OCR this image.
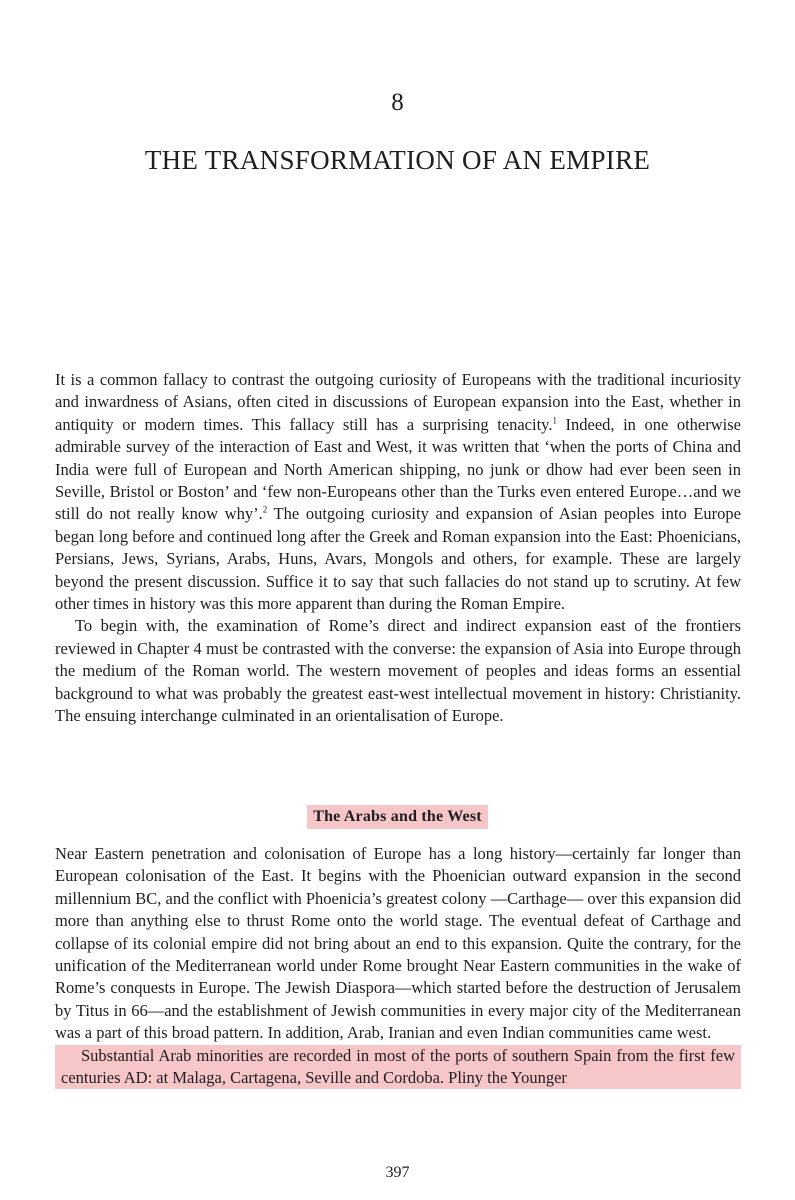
8
THE TRANSFORMATION OF AN EMPIRE

It is a common fallacy to contrast the outgoing curiosity of Europeans with the traditional incuriosity and inwardness of Asians, often cited in discussions of European expansion into the East, whether in antiquity or modern times. This fallacy still has a surprising tenacity.$^1$ Indeed, in one otherwise admirable survey of the interaction of East and West, it was written that ‘when the ports of China and India were full of European and North American shipping, no junk or dhow had ever been seen in Seville, Bristol or Boston’ and ‘few non-Europeans other than the Turks even entered Europe…and we still do not really know why’.$^2$ The outgoing curiosity and expansion of Asian peoples into Europe began long before and continued long after the Greek and Roman expansion into the East: Phoenicians, Persians, Jews, Syrians, Arabs, Huns, Avars, Mongols and others, for example. These are largely beyond the present discussion. Suffice it to say that such fallacies do not stand up to scrutiny. At few other times in history was this more apparent than during the Roman Empire.

To begin with, the examination of Rome’s direct and indirect expansion east of the frontiers reviewed in Chapter 4 must be contrasted with the converse: the expansion of Asia into Europe through the medium of the Roman world. The western movement of peoples and ideas forms an essential background to what was probably the greatest east-west intellectual movement in history: Christianity. The ensuing interchange culminated in an orientalisation of Europe.

The Arabs and the West

Near Eastern penetration and colonisation of Europe has a long history—certainly far longer than European colonisation of the East. It begins with the Phoenician outward expansion in the second millennium BC, and the conflict with Phoenicia’s greatest colony —Carthage— over this expansion did more than anything else to thrust Rome onto the world stage. The eventual defeat of Carthage and collapse of its colonial empire did not bring about an end to this expansion. Quite the contrary, for the unification of the Mediterranean world under Rome brought Near Eastern communities in the wake of Rome’s conquests in Europe. The Jewish Diaspora—which started before the destruction of Jerusalem by Titus in 66—and the establishment of Jewish communities in every major city of the Mediterranean was a part of this broad pattern. In addition, Arab, Iranian and even Indian communities came west.

Substantial Arab minorities are recorded in most of the ports of southern Spain from the first few centuries AD: at Malaga, Cartagena, Seville and Cordoba. Pliny the Younger

397
